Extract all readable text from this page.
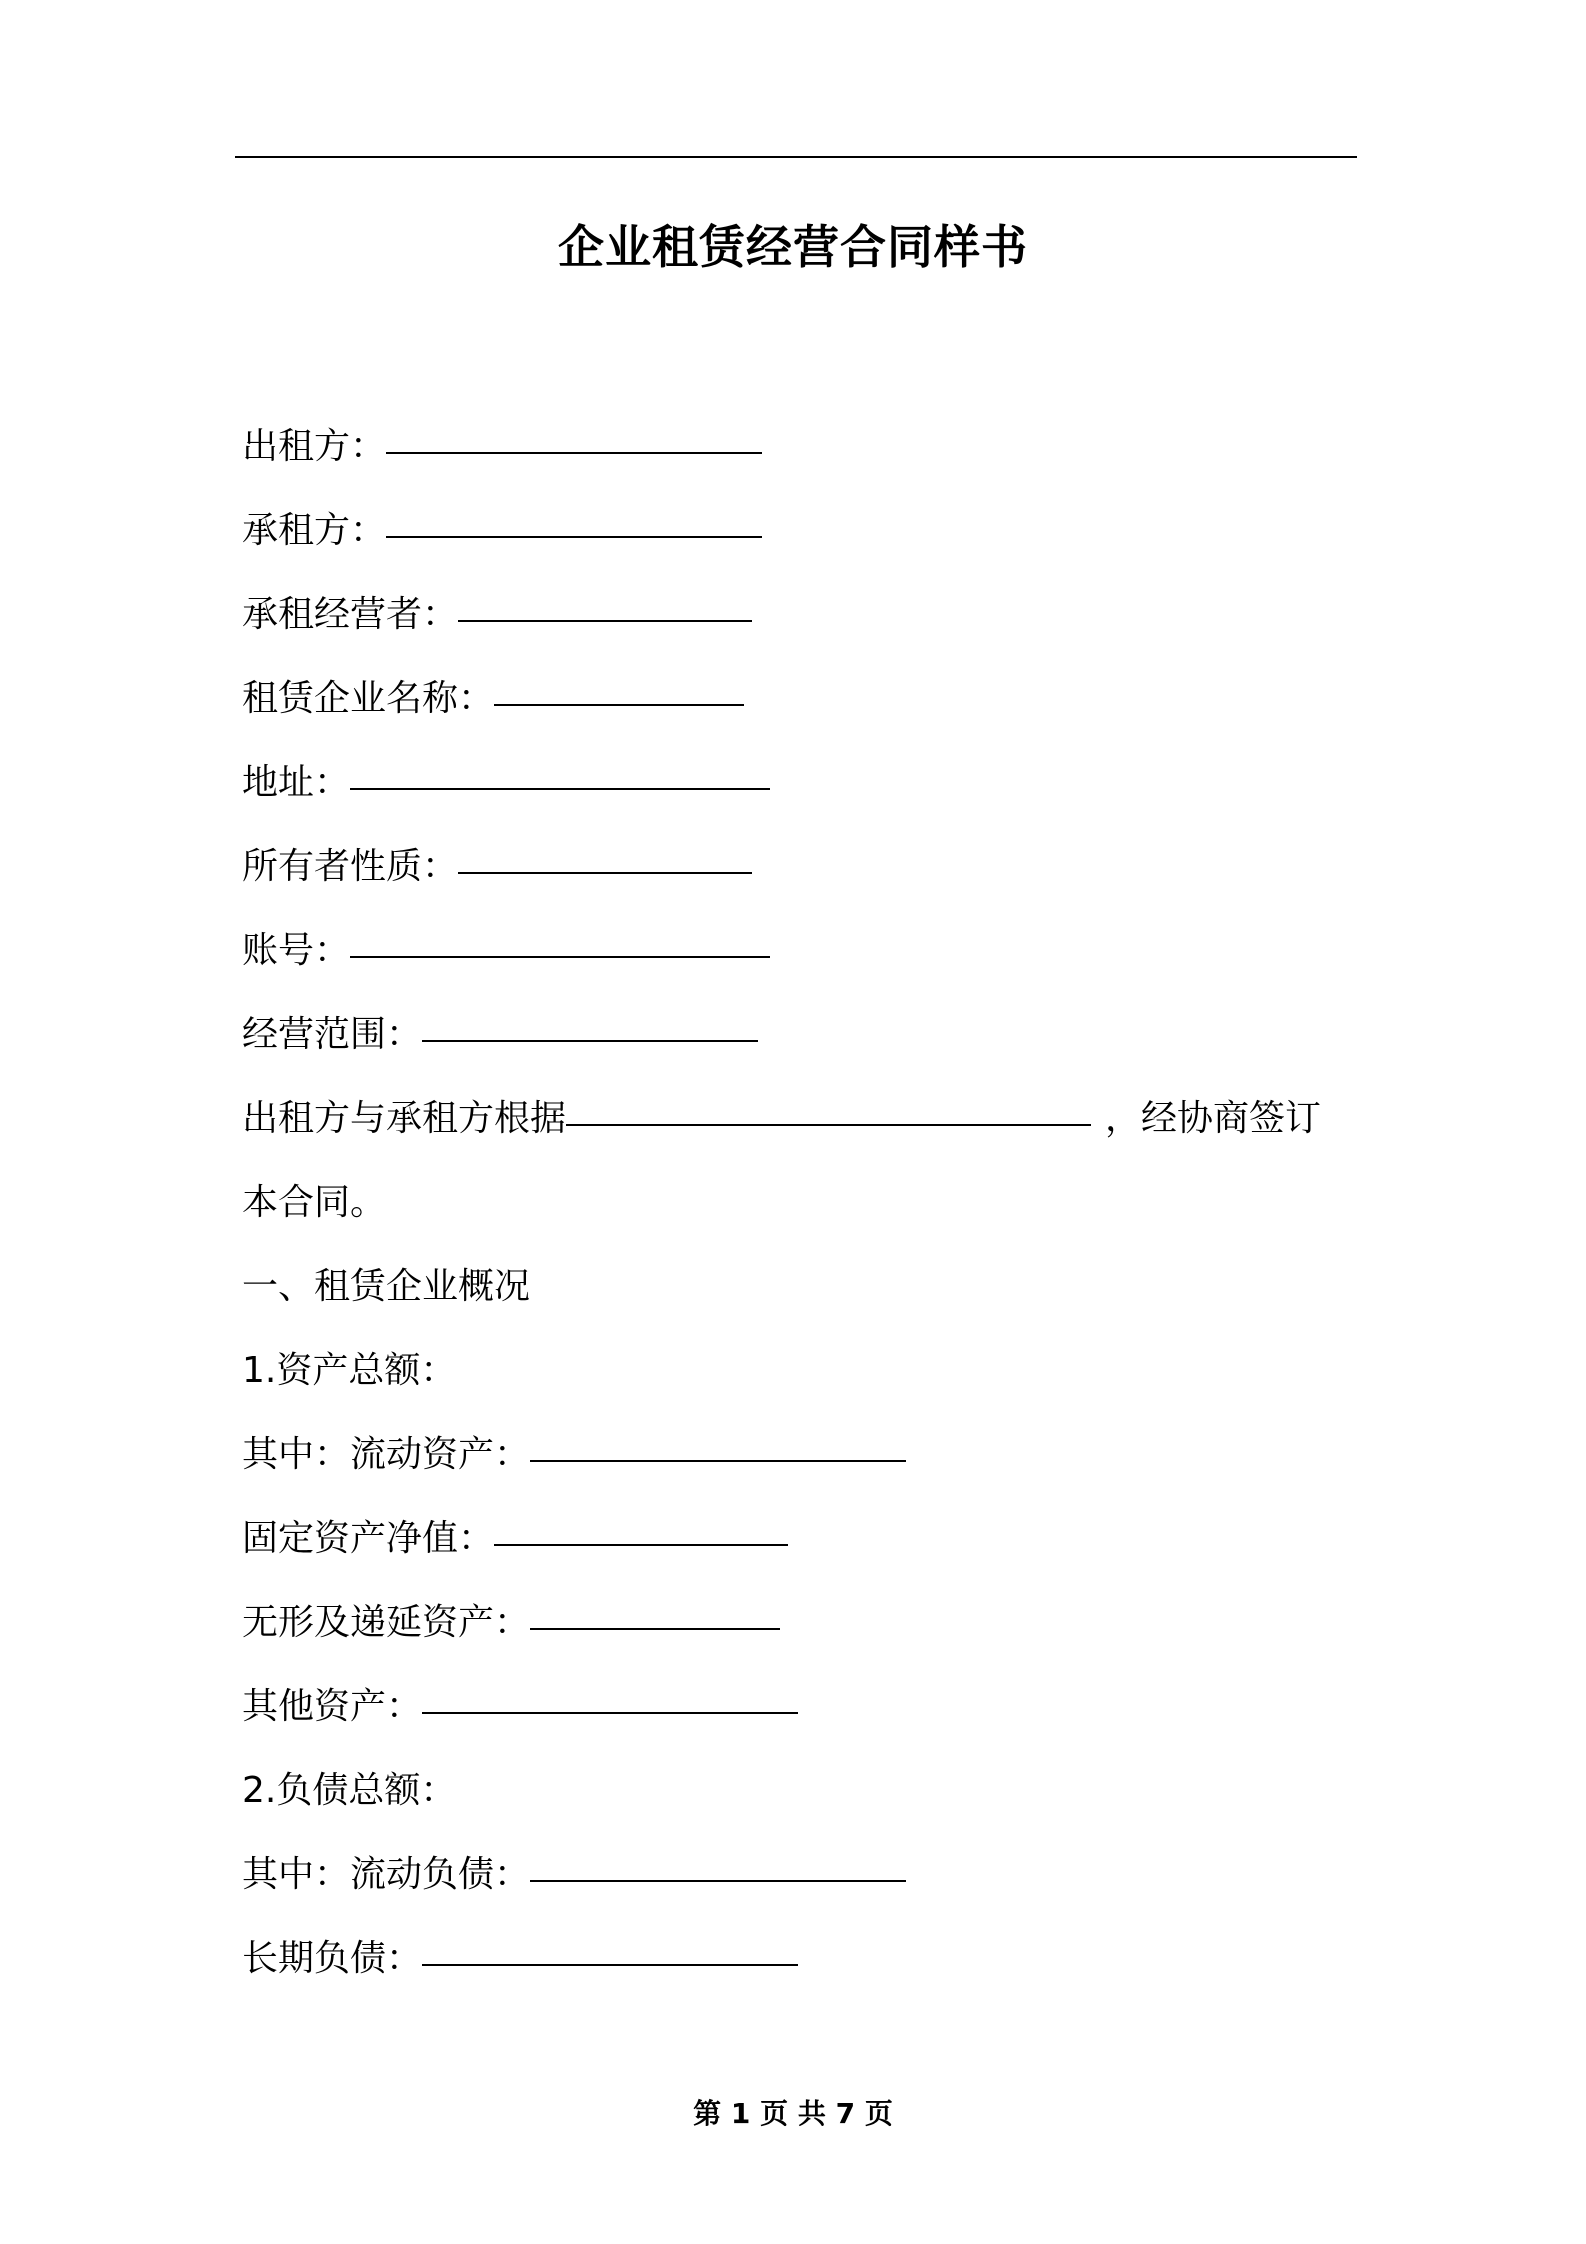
企业租赁经营合同样书
出租方：
承租方：
承租经营者：
租赁企业名称：
地址：
所有者性质：
账号：
经营范围：
出租方与承租方根据	，经协商签订
本合同。
一、租赁企业概况
1.资产总额：
其中：流动资产：
固定资产净值：
无形及递延资产：
其他资产：
2.负债总额：
其中：流动负债：
长期负债：
第 1 页 共 7 页
